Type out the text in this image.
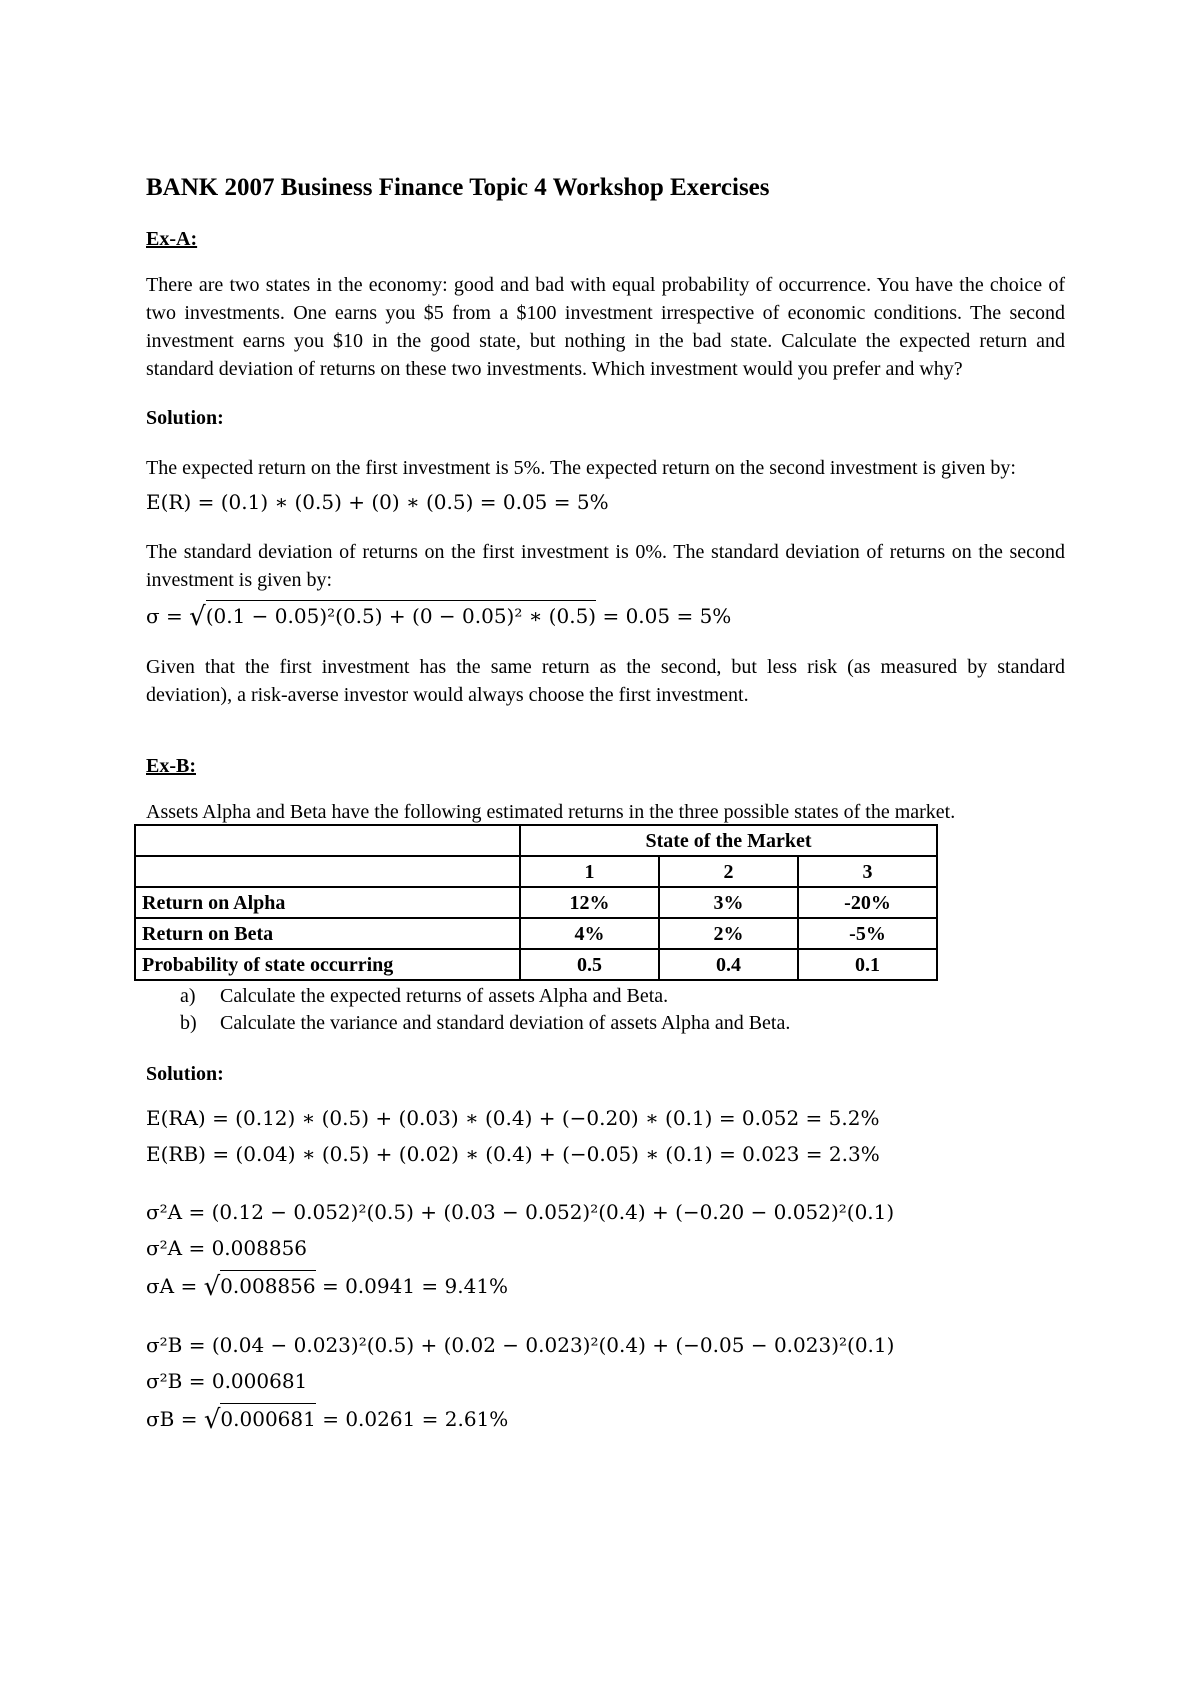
BANK 2007 Business Finance Topic 4 Workshop Exercises
Ex-A:

There are two states in the economy: good and bad with equal probability of occurrence. You have the choice of two investments. One earns you $5 from a $100 investment irrespective of economic conditions. The second investment earns you $10 in the good state, but nothing in the bad state. Calculate the expected return and standard deviation of returns on these two investments. Which investment would you prefer and why?

Solution:

The expected return on the first investment is 5%. The expected return on the second investment is given by:

E(R) = (0.1) ∗ (0.5) + (0) ∗ (0.5) = 0.05 = 5%

The standard deviation of returns on the first investment is 0%. The standard deviation of returns on the second investment is given by:

σ = √(0.1 − 0.05)²(0.5) + (0 − 0.05)² ∗ (0.5) = 0.05 = 5%

Given that the first investment has the same return as the second, but less risk (as measured by standard deviation), a risk-averse investor would always choose the first investment.

Ex-B:

Assets Alpha and Beta have the following estimated returns in the three possible states of the market.

	State of the Market		
	1	2	3
Return on Alpha	12%	3%	-20%
Return on Beta	4%	2%	-5%
Probability of state occurring	0.5	0.4	0.1
a)	Calculate the expected returns of assets Alpha and Beta.
b)	Calculate the variance and standard deviation of assets Alpha and Beta.
Solution:
E(RA) = (0.12) ∗ (0.5) + (0.03) ∗ (0.4) + (−0.20) ∗ (0.1) = 0.052 = 5.2%
E(RB) = (0.04) ∗ (0.5) + (0.02) ∗ (0.4) + (−0.05) ∗ (0.1) = 0.023 = 2.3%
σ²A = (0.12 − 0.052)²(0.5) + (0.03 − 0.052)²(0.4) + (−0.20 − 0.052)²(0.1)
σ²A = 0.008856
σA = √0.008856 = 0.0941 = 9.41%
σ²B = (0.04 − 0.023)²(0.5) + (0.02 − 0.023)²(0.4) + (−0.05 − 0.023)²(0.1)
σ²B = 0.000681
σB = √0.000681 = 0.0261 = 2.61%
